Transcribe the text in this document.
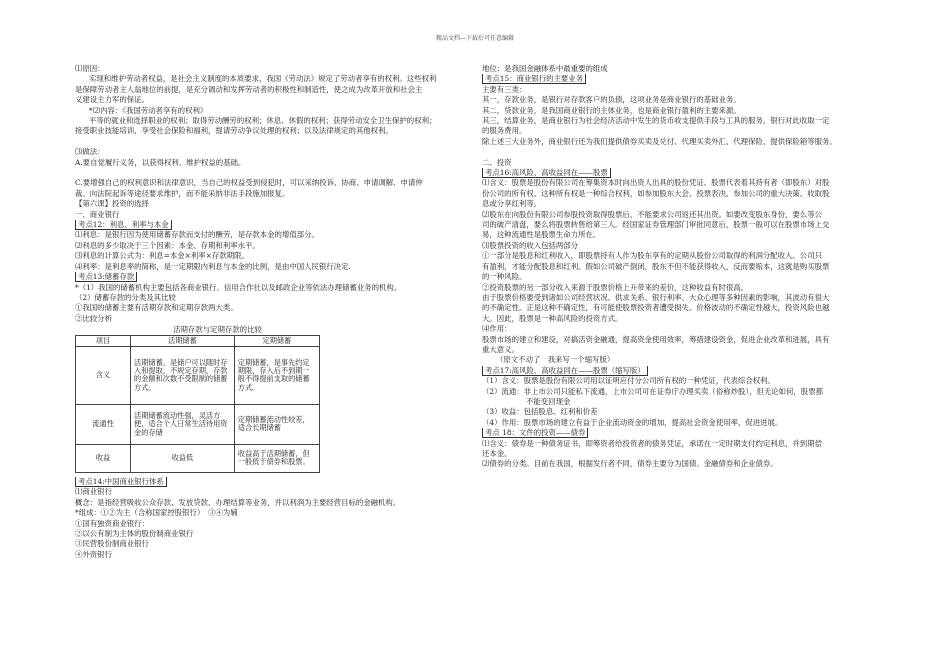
精品文档---下载后可任意编辑

⑴原因：

实现和维护劳动者权益，是社会主义制度的本质要求，我国《劳动法》规定了劳动者享有的权利。这些权利

是保障劳动者主人翁地位的前提，是充分调动和发挥劳动者的积极性和制造性，使之成为改革开放和社会主

义建设主力军的保证。

*⑵内容：《我国劳动者享有的权利》

平等的就业和选择职业的权利；取得劳动酬劳的权利；休息、休假的权利；获得劳动安全卫生保护的权利；

接受职业技能培训，享受社会保险和福利，提请劳动争议处理的权利；以及法律规定的其他权利。

⑶做法：

A.要自觉履行义务，以获得权利、维护权益的基础。

C.要增强自己的权利意识和法律意识，当自己的权益受到侵犯时，可以采纳投诉、协商、申请调解、申请仲

裁、向法院起诉等途径要求维护，而不能采纳非法手段施加报复。

【第六课】投资的选择

一、商业银行

考点12：利息、利率与本金

⑴利息：是银行因为使用储蓄存款而支付的酬劳，是存款本金的增值部分。

⑵利息的多少取决于三个因素：本金、存期和利率水平。

⑶利息的计算公式为：利息=本金×利率×存款期限。

⑷利率：是利息率的简称，是一定期限内利息与本金的比例，是由中国人民银行决定.

考点13:储蓄存款

*（1）我国的储蓄机构主要包括各商业银行、信用合作社以及邮政企业等依法办理储蓄业务的机构。

（2）储蓄存款的分类及其比较

①我国的储蓄主要有活期存款和定期存款两大类。

②比较分析

活期存款与定期存款的比较
项目	活期储蓄	定期储蓄
含义	活期储蓄，是储户可以随时存入和提取，不规定存期，存款的金额和次数不受限制的储蓄方式。	定期储蓄，是事先约定期限，存入后不到期一般不得提前支取的储蓄方式。
流通性	活期储蓄流动性强，灵活方便，适合个人日常生活待用资金的存储	定期储蓄流动性较差，适合长期储蓄
收益	收益低	收益高于活期储蓄，但一般低于债券和股票。

考点14:中国商业银行体系

⑴商业银行

概念：是指经营吸收公众存款、发放贷款、办理结算等业务，并以利润为主要经营目标的金融机构。

*组成：①②为主（合称国家控股银行）　③④为辅

①国有独资商业银行：

②以公有制为主体的股份制商业银行

③民营股份制商业银行

④外资银行

地位：是我国金融体系中最重要的组成

考点15：商业银行的主要业务

主要有三类：

其一，存款业务，是银行对存款客户的负债，这项业务是商业银行的基础业务。

其二，贷款业务，是我国商业银行的主体业务，也是商业银行盈利的主要来源。

其三，结算业务，是商业银行为社会经济活动中发生的货币收支提供手段与工具的服务，银行对此收取一定

的服务费用。

除上述三大业务外，商业银行还为我们提供债券买卖及兑付、代理买卖外汇、代理保险、提供保险箱等服务。

二、投资

考点16:高风险、高收益同在——股票

⑴含义：股票是股份有限公司在筹集资本时向出资人出具的股份凭证。股票代表着其持有者（即股东）对股

份公司的所有权。这种所有权是一种综合权利，如参加股东大会、投票表决、参加公司的重大决策、收取股

息或分享红利等。

⑵股东在向股份有限公司参股投资取得股票后，不能要求公司返还其出资。如要改变股东身份，要么等公

司的破产清盘，要么将股票转售给第三人。经国家证券管理部门审批同意后，股票一般可以在股票市场上交

易，这种流通性是股票生命力所在。

⑶股票投资的收入包括两部分

①一部分是股息和红利收入，即股票持有人作为股东享有的定期从股份公司取得的利润分配收入。公司只

有盈利，才能分配股息和红利。假如公司破产倒闭，股东不但不能获得收入，反而要赔本，这就是购买股票

的一种风险。

②投资股票的另一部分收入来源于股票价格上升带来的差价，这种收益有时很高。

由于股票价格要受到诸如公司经营状况、供求关系、银行利率、大众心理等多种因素的影响，其波动有很大

的不确定性。正是这种不确定性，有可能使股票投资者遭受损失。价格波动的不确定性越大，投资风险也越

大。因此，股票是一种高风险的投资方式。

⑷作用：

股票市场的建立和建设，对搞活资金融通，提高资金使用效率，筹措建设资金，促进企业改革和进展，具有

重大意义。

（原文不动了　我来写一个缩写版）

考点17:高风险、高收益同在——股票（缩写版）

（1）含义：股票是股份有限公司用以证明应付分公司所有权的一种凭证，代表综合权利。

（2）流通：非上市公司只能私下流通，上市公司可在证券庁办理买卖（俗称炒股），但无论如何，股票都

不能变回现金

（3）收益：包括股息、红利和价差

（4）作用：股票市场的建立有益于企业流动资金的增加，提高社会资金使用率，促进进展。

考点 18：文件的投资——债券

⑴含义：债券是一种债务证书，即筹资者给投资者的债务凭证，承诺在一定时期支付约定利息，并到期偿

还本金。

⑵债券的分类。目前在我国，根据发行者不同，债券主要分为国债、金融债券和企业债券。
